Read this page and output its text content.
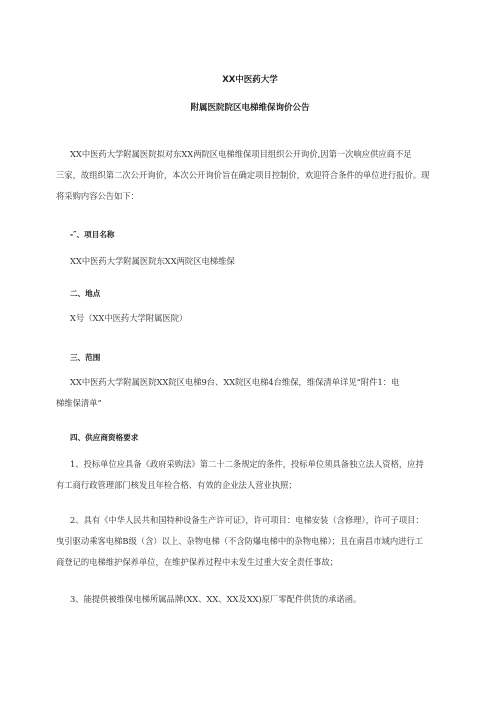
XX中医药大学
附属医院院区电梯维保询价公告
XX中医药大学附属医院拟对东XX两院区电梯维保项目组织公开询价,因第一次响应供应商不足
三家，故组织第二次公开询价，本次公开询价旨在确定项目控制价，欢迎符合条件的单位进行报价。现
将采购内容公告如下：
-″、项目名称
XX中医药大学附属医院东XX两院区电梯维保
二、地点
X号（XX中医药大学附属医院）
三、范围
XX中医药大学附属医院XX院区电梯9台、XX院区电梯4台维保，维保清单详见“附件1：电
梯维保清单”
四、供应商资格要求
1、投标单位应具备《政府采购法》第二十二条规定的条件，投标单位须具备独立法人资格，应持
有工商行政管理部门核发且年检合格、有效的企业法人营业执照；
2、具有《中华人民共和国特种设备生产许可证》，许可项目：电梯安装（含修理），许可子项目：
曳引驱动乘客电梯B级（含）以上、杂物电梯（不含防爆电梯中的杂物电梯）；且在南昌市域内进行工
商登记的电梯维护保养单位，在维护保养过程中未发生过重大安全责任事故；
3、能提供被维保电梯所属品牌(XX、XX、XX及XX)原厂零配件供货的承诺函。
